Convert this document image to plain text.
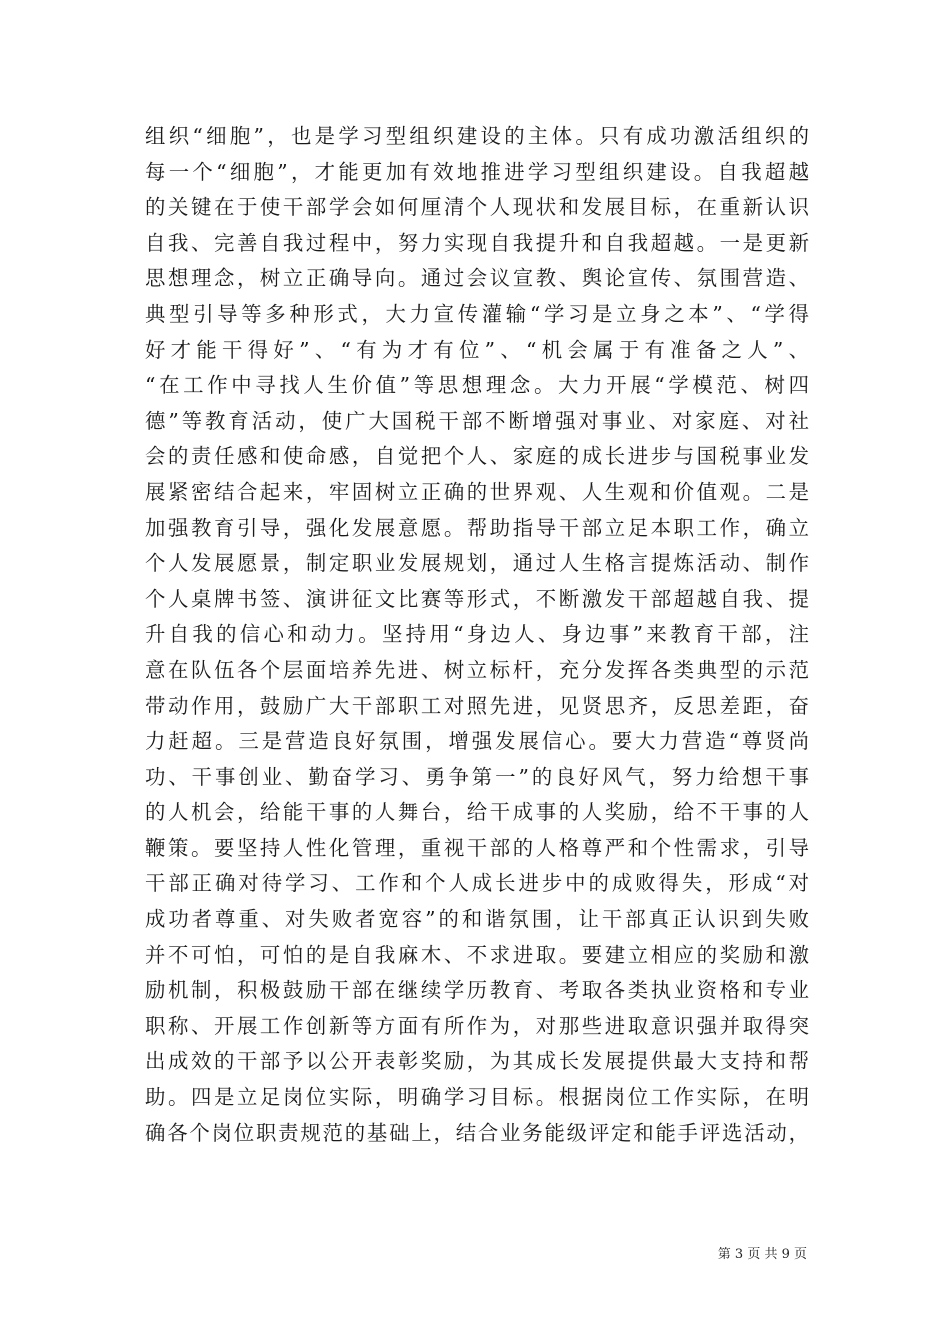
组织“细胞”，也是学习型组织建设的主体。只有成功激活组织的
每一个“细胞”，才能更加有效地推进学习型组织建设。自我超越
的关键在于使干部学会如何厘清个人现状和发展目标，在重新认识
自我、完善自我过程中，努力实现自我提升和自我超越。一是更新
思想理念，树立正确导向。通过会议宣教、舆论宣传、氛围营造、
典型引导等多种形式，大力宣传灌输“学习是立身之本”、“学得
好才能干得好”、“有为才有位”、“机会属于有准备之人”、
“在工作中寻找人生价值”等思想理念。大力开展“学模范、树四
德”等教育活动，使广大国税干部不断增强对事业、对家庭、对社
会的责任感和使命感，自觉把个人、家庭的成长进步与国税事业发
展紧密结合起来，牢固树立正确的世界观、人生观和价值观。二是
加强教育引导，强化发展意愿。帮助指导干部立足本职工作，确立
个人发展愿景，制定职业发展规划，通过人生格言提炼活动、制作
个人桌牌书签、演讲征文比赛等形式，不断激发干部超越自我、提
升自我的信心和动力。坚持用“身边人、身边事”来教育干部，注
意在队伍各个层面培养先进、树立标杆，充分发挥各类典型的示范
带动作用，鼓励广大干部职工对照先进，见贤思齐，反思差距，奋
力赶超。三是营造良好氛围，增强发展信心。要大力营造“尊贤尚
功、干事创业、勤奋学习、勇争第一”的良好风气，努力给想干事
的人机会，给能干事的人舞台，给干成事的人奖励，给不干事的人
鞭策。要坚持人性化管理，重视干部的人格尊严和个性需求，引导
干部正确对待学习、工作和个人成长进步中的成败得失，形成“对
成功者尊重、对失败者宽容”的和谐氛围，让干部真正认识到失败
并不可怕，可怕的是自我麻木、不求进取。要建立相应的奖励和激
励机制，积极鼓励干部在继续学历教育、考取各类执业资格和专业
职称、开展工作创新等方面有所作为，对那些进取意识强并取得突
出成效的干部予以公开表彰奖励，为其成长发展提供最大支持和帮
助。四是立足岗位实际，明确学习目标。根据岗位工作实际，在明
确各个岗位职责规范的基础上，结合业务能级评定和能手评选活动，
第 3 页 共 9 页
